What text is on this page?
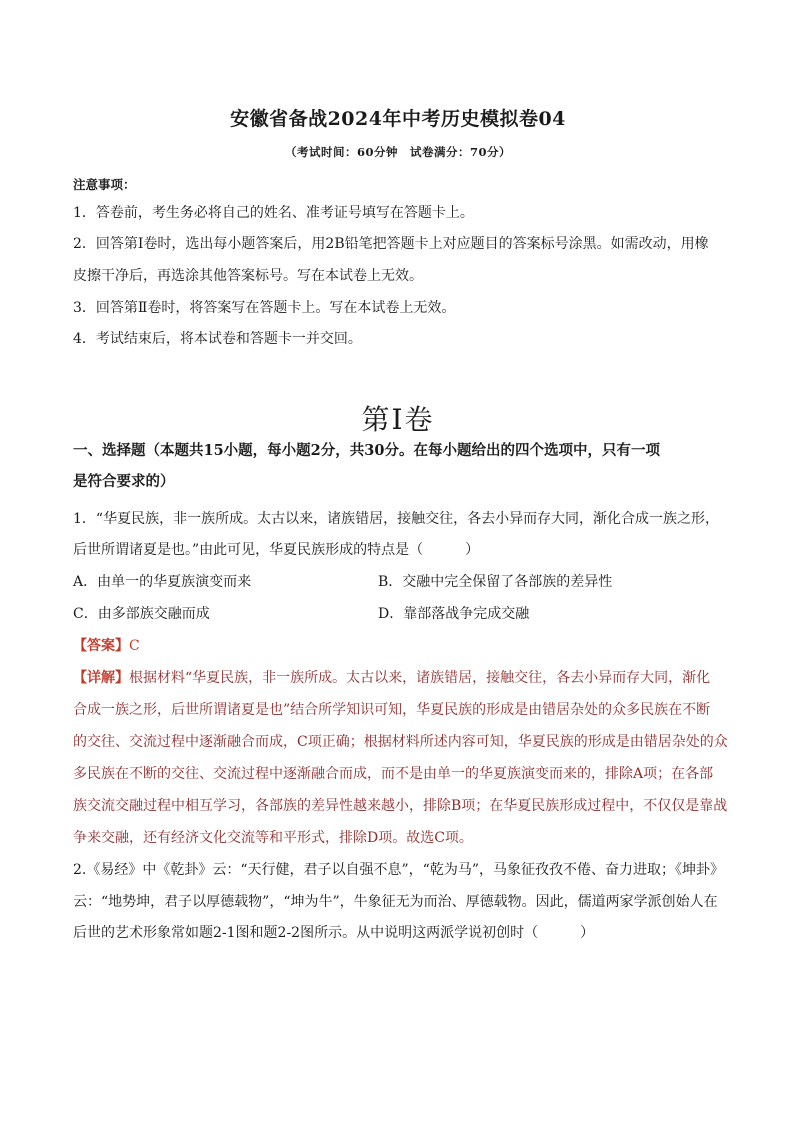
安徽省备战2024年中考历史模拟卷04
（考试时间：60分钟　试卷满分：70分）
注意事项：
1．答卷前，考生务必将自己的姓名、准考证号填写在答题卡上。
2．回答第Ⅰ卷时，选出每小题答案后，用2B铅笔把答题卡上对应题目的答案标号涂黑。如需改动，用橡
皮擦干净后，再选涂其他答案标号。写在本试卷上无效。
3．回答第Ⅱ卷时，将答案写在答题卡上。写在本试卷上无效。
4．考试结束后，将本试卷和答题卡一并交回。
第Ⅰ卷
一、选择题（本题共15小题，每小题2分，共30分。在每小题给出的四个选项中，只有一项
是符合要求的）
1．“华夏民族，非一族所成。太古以来，诸族错居，接触交往，各去小异而存大同，渐化合成一族之形，
后世所谓诸夏是也。”由此可见，华夏民族形成的特点是（　　　）
A．由单一的华夏族演变而来	B．交融中完全保留了各部族的差异性
C．由多部族交融而成	D．靠部落战争完成交融
【答案】C
【详解】根据材料“华夏民族，非一族所成。太古以来，诸族错居，接触交往，各去小异而存大同，渐化
合成一族之形，后世所谓诸夏是也”结合所学知识可知，华夏民族的形成是由错居杂处的众多民族在不断
的交往、交流过程中逐渐融合而成，C项正确；根据材料所述内容可知，华夏民族的形成是由错居杂处的众
多民族在不断的交往、交流过程中逐渐融合而成，而不是由单一的华夏族演变而来的，排除A项；在各部
族交流交融过程中相互学习，各部族的差异性越来越小，排除B项；在华夏民族形成过程中，不仅仅是靠战
争来交融，还有经济文化交流等和平形式，排除D项。故选C项。
2.《易经》中《乾卦》云：“天行健，君子以自强不息”，“乾为马”，马象征孜孜不倦、奋力进取；《坤卦》
云：“地势坤，君子以厚德载物”，“坤为牛”，牛象征无为而治、厚德载物。因此，儒道两家学派创始人在
后世的艺术形象常如题2-1图和题2-2图所示。从中说明这两派学说初创时（　　　）
